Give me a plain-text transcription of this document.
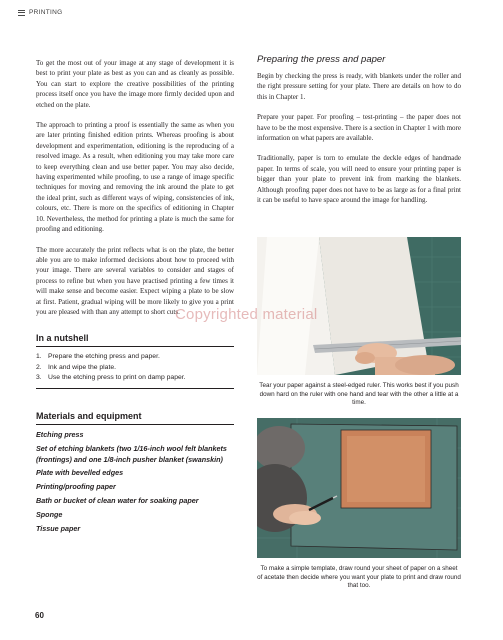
PRINTING

To get the most out of your image at any stage of development it is best to print your plate as best as you can and as cleanly as possible. You can start to explore the creative possibilities of the printing process itself once you have the image more firmly decided upon and etched on the plate.

The approach to printing a proof is essentially the same as when you are later printing finished edition prints. Whereas proofing is about development and experimentation, editioning is the reproducing of a resolved image. As a result, when editioning you may take more care to keep everything clean and use better paper. You may also decide, having experimented while proofing, to use a range of image specific techniques for moving and removing the ink around the plate to get the ideal print, such as different ways of wiping, consistencies of ink, colours, etc. There is more on the specifics of editioning in Chapter 10. Nevertheless, the method for printing a plate is much the same for proofing and editioning.

The more accurately the print reflects what is on the plate, the better able you are to make informed decisions about how to proceed with your image. There are several variables to consider and stages of process to refine but when you have practised printing a few times it will make sense and become easier. Expect wiping a plate to be slow at first. Patient, gradual wiping will be more likely to give you a print you are pleased with than any attempt to short cuts.

In a nutshell
1. Prepare the etching press and paper.
2. Ink and wipe the plate.
3. Use the etching press to print on damp paper.
Materials and equipment
Etching press
Set of etching blankets (two 1/16-inch wool felt blankets (frontings) and one 1/8-inch pusher blanket (swanskin)
Plate with bevelled edges
Printing/proofing paper
Bath or bucket of clean water for soaking paper
Sponge
Tissue paper
Preparing the press and paper

Begin by checking the press is ready, with blankets under the roller and the right pressure setting for your plate. There are details on how to do this in Chapter 1.

Prepare your paper. For proofing – test-printing – the paper does not have to be the most expensive. There is a section in Chapter 1 with more information on what papers are available.

Traditionally, paper is torn to emulate the deckle edges of handmade paper. In terms of scale, you will need to ensure your printing paper is bigger than your plate to prevent ink from marking the blankets. Although proofing paper does not have to be as large as for a final print it can be useful to have space around the image for handling.

Tear your paper against a steel-edged ruler. This works best if you push down hard on the ruler with one hand and tear with the other a little at a time.
Copyrighted material
To make a simple template, draw round your sheet of paper on a sheet of acetate then decide where you want your plate to print and draw round that too.
60
